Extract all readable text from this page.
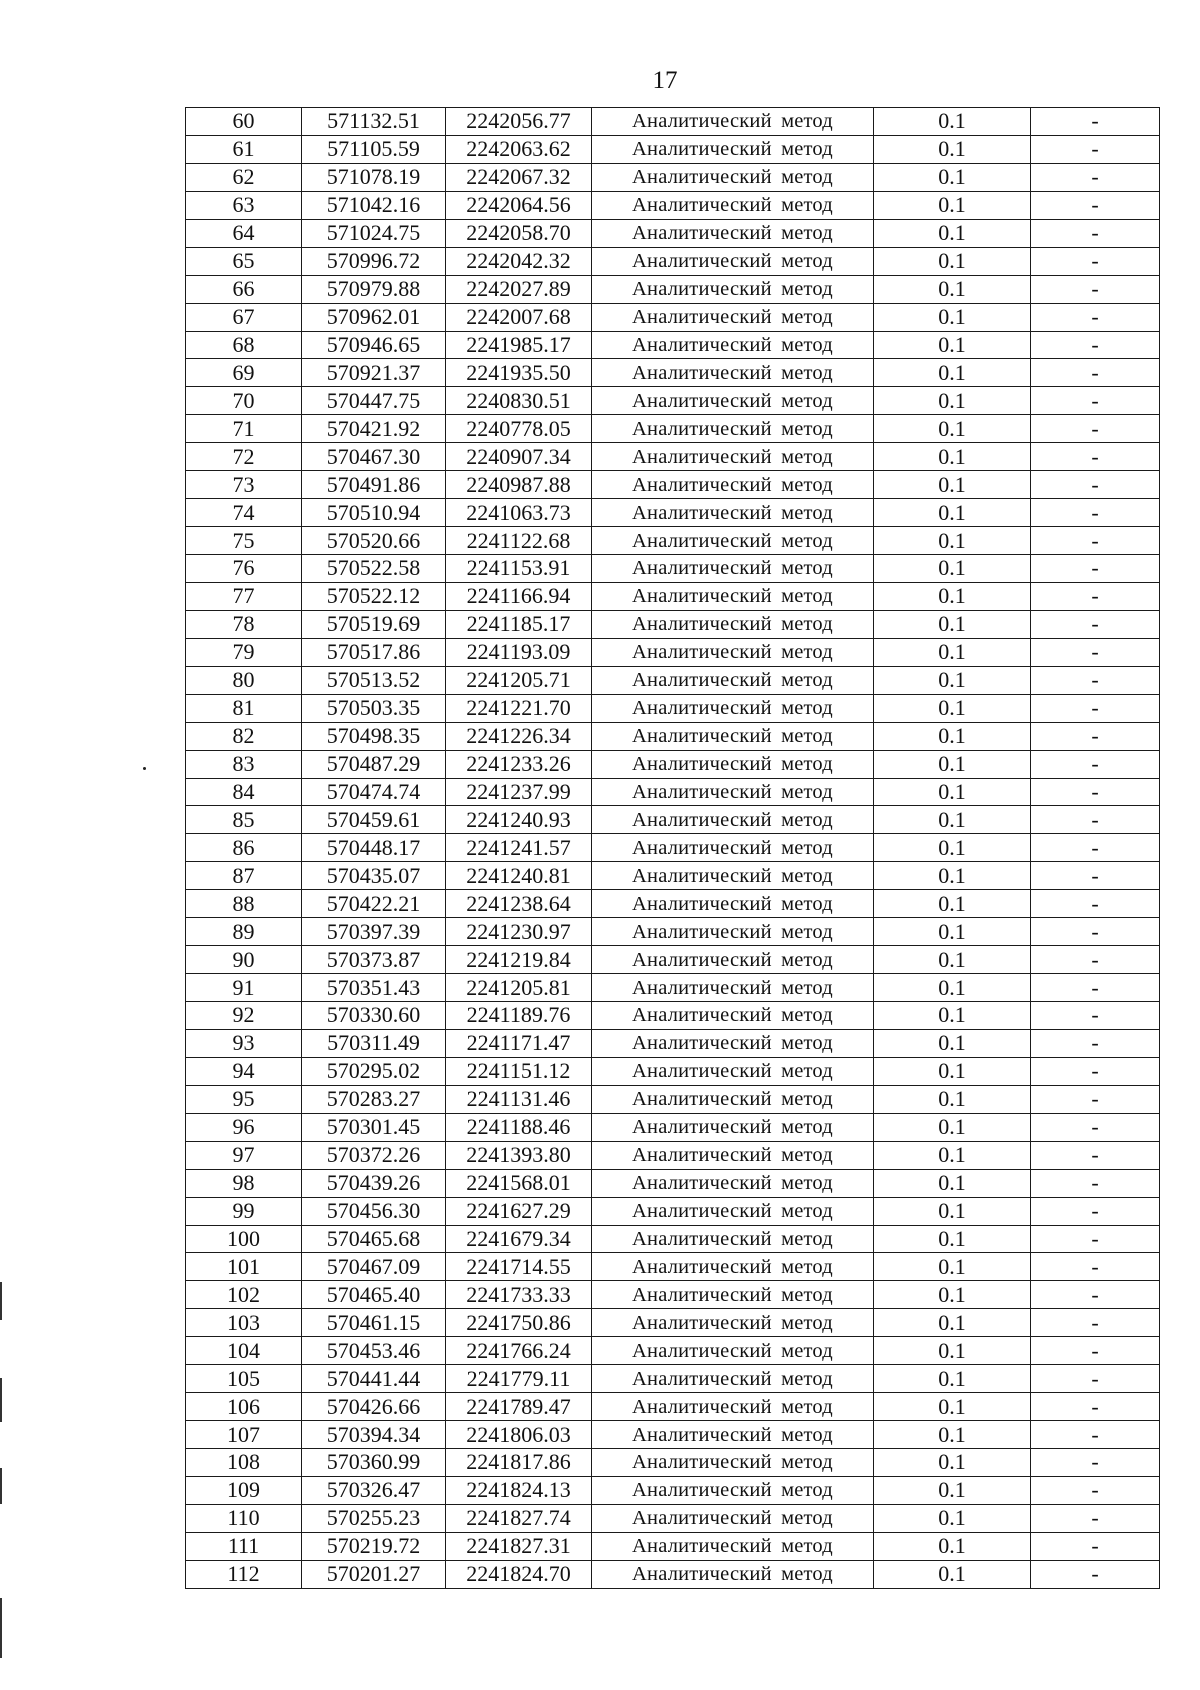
17
60	571132.51	2242056.77	Аналитический метод	0.1	-
61	571105.59	2242063.62	Аналитический метод	0.1	-
62	571078.19	2242067.32	Аналитический метод	0.1	-
63	571042.16	2242064.56	Аналитический метод	0.1	-
64	571024.75	2242058.70	Аналитический метод	0.1	-
65	570996.72	2242042.32	Аналитический метод	0.1	-
66	570979.88	2242027.89	Аналитический метод	0.1	-
67	570962.01	2242007.68	Аналитический метод	0.1	-
68	570946.65	2241985.17	Аналитический метод	0.1	-
69	570921.37	2241935.50	Аналитический метод	0.1	-
70	570447.75	2240830.51	Аналитический метод	0.1	-
71	570421.92	2240778.05	Аналитический метод	0.1	-
72	570467.30	2240907.34	Аналитический метод	0.1	-
73	570491.86	2240987.88	Аналитический метод	0.1	-
74	570510.94	2241063.73	Аналитический метод	0.1	-
75	570520.66	2241122.68	Аналитический метод	0.1	-
76	570522.58	2241153.91	Аналитический метод	0.1	-
77	570522.12	2241166.94	Аналитический метод	0.1	-
78	570519.69	2241185.17	Аналитический метод	0.1	-
79	570517.86	2241193.09	Аналитический метод	0.1	-
80	570513.52	2241205.71	Аналитический метод	0.1	-
81	570503.35	2241221.70	Аналитический метод	0.1	-
82	570498.35	2241226.34	Аналитический метод	0.1	-
83	570487.29	2241233.26	Аналитический метод	0.1	-
84	570474.74	2241237.99	Аналитический метод	0.1	-
85	570459.61	2241240.93	Аналитический метод	0.1	-
86	570448.17	2241241.57	Аналитический метод	0.1	-
87	570435.07	2241240.81	Аналитический метод	0.1	-
88	570422.21	2241238.64	Аналитический метод	0.1	-
89	570397.39	2241230.97	Аналитический метод	0.1	-
90	570373.87	2241219.84	Аналитический метод	0.1	-
91	570351.43	2241205.81	Аналитический метод	0.1	-
92	570330.60	2241189.76	Аналитический метод	0.1	-
93	570311.49	2241171.47	Аналитический метод	0.1	-
94	570295.02	2241151.12	Аналитический метод	0.1	-
95	570283.27	2241131.46	Аналитический метод	0.1	-
96	570301.45	2241188.46	Аналитический метод	0.1	-
97	570372.26	2241393.80	Аналитический метод	0.1	-
98	570439.26	2241568.01	Аналитический метод	0.1	-
99	570456.30	2241627.29	Аналитический метод	0.1	-
100	570465.68	2241679.34	Аналитический метод	0.1	-
101	570467.09	2241714.55	Аналитический метод	0.1	-
102	570465.40	2241733.33	Аналитический метод	0.1	-
103	570461.15	2241750.86	Аналитический метод	0.1	-
104	570453.46	2241766.24	Аналитический метод	0.1	-
105	570441.44	2241779.11	Аналитический метод	0.1	-
106	570426.66	2241789.47	Аналитический метод	0.1	-
107	570394.34	2241806.03	Аналитический метод	0.1	-
108	570360.99	2241817.86	Аналитический метод	0.1	-
109	570326.47	2241824.13	Аналитический метод	0.1	-
110	570255.23	2241827.74	Аналитический метод	0.1	-
111	570219.72	2241827.31	Аналитический метод	0.1	-
112	570201.27	2241824.70	Аналитический метод	0.1	-
